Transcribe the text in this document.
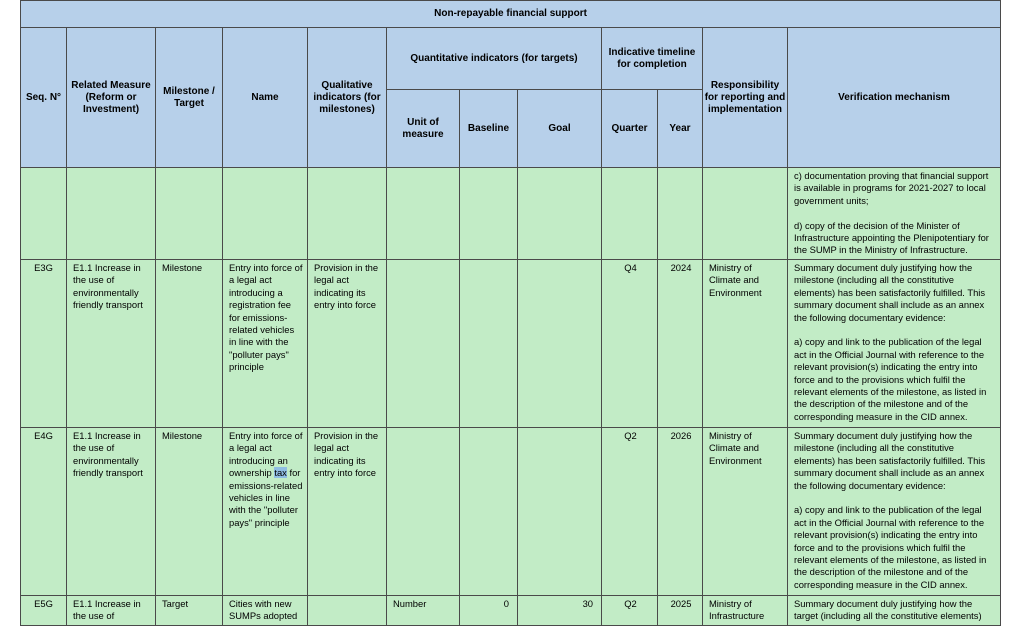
Non-repayable financial support											
Seq. N°	Related Measure (Reform or Investment)	Milestone / Target	Name	Qualitative indicators (for milestones)	Quantitative indicators (for targets)			Indicative timeline for completion		Responsibility for reporting and implementation	Verification mechanism
					Unit of measure	Baseline	Goal	Quarter	Year		

											c) documentation proving that financial support is available in programs for 2021-2027 to local government units;
d) copy of the decision of the Minister of Infrastructure appointing the Plenipotentiary for the SUMP in the Ministry of Infrastructure.

E3G	E1.1 Increase in the use of environmentally friendly transport	Milestone	Entry into force of a legal act introducing a registration fee for emissions-related vehicles in line with the "polluter pays" principle	Provision in the legal act indicating its entry into force				Q4	2024	Ministry of Climate and Environment	Summary document duly justifying how the milestone (including all the constitutive elements) has been satisfactorily fulfilled. This summary document shall include as an annex the following documentary evidence:
a) copy and link to the publication of the legal act in the Official Journal with reference to the relevant provision(s) indicating the entry into force and to the provisions which fulfil the relevant elements of the milestone, as listed in the description of the milestone and of the corresponding measure in the CID annex.

E4G	E1.1 Increase in the use of environmentally friendly transport	Milestone	Entry into force of a legal act introducing an ownership tax for emissions-related vehicles in line with the "polluter pays" principle	Provision in the legal act indicating its entry into force				Q2	2026	Ministry of Climate and Environment	Summary document duly justifying how the milestone (including all the constitutive elements) has been satisfactorily fulfilled. This summary document shall include as an annex the following documentary evidence:
a) copy and link to the publication of the legal act in the Official Journal with reference to the relevant provision(s) indicating the entry into force and to the provisions which fulfil the relevant elements of the milestone, as listed in the description of the milestone and of the corresponding measure in the CID annex.

E5G	E1.1 Increase in the use of	Target	Cities with new SUMPs adopted		Number	0	30	Q2	2025	Ministry of Infrastructure	Summary document duly justifying how the target (including all the constitutive elements)
